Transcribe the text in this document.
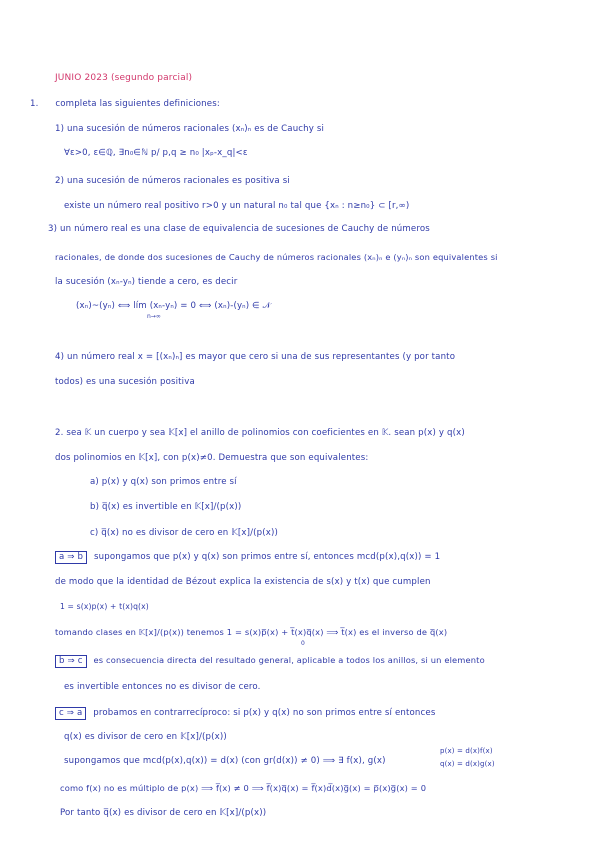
JUNIO 2023 (segundo parcial)
1. completa las siguientes definiciones:
1) una sucesión de números racionales (xₙ)ₙ es de Cauchy si
∀ε>0, ε∈ℚ, ∃n₀∈ℕ p/ p,q ≥ n₀ |xₚ-x_q|<ε
2) una sucesión de números racionales es positiva si
existe un número real positivo r>0 y un natural n₀ tal que {xₙ : n≥n₀} ⊂ [r,∞)
3) un número real es una clase de equivalencia de sucesiones de Cauchy de números
racionales, de donde dos sucesiones de Cauchy de números racionales (xₙ)ₙ e (yₙ)ₙ son equivalentes si
la sucesión (xₙ-yₙ) tiende a cero, es decir
(xₙ)~(yₙ) ⟺ lím (xₙ-yₙ) = 0 ⟺ (xₙ)-(yₙ) ∈ 𝒩
n→∞
4) un número real x = [(xₙ)ₙ] es mayor que cero si una de sus representantes (y por tanto
todos) es una sucesión positiva
2. sea 𝕂 un cuerpo y sea 𝕂[x] el anillo de polinomios con coeficientes en 𝕂. sean p(x) y q(x)
dos polinomios en 𝕂[x], con p(x)≠0. Demuestra que son equivalentes:
a) p(x) y q(x) son primos entre sí
b) q̅(x) es invertible en 𝕂[x]/(p(x))
c) q̅(x) no es divisor de cero en 𝕂[x]/(p(x))
a ⇒ b supongamos que p(x) y q(x) son primos entre sí, entonces mcd(p(x),q(x)) = 1
de modo que la identidad de Bézout explica la existencia de s(x) y t(x) que cumplen
1 = s(x)p(x) + t(x)q(x)
tomando clases en 𝕂[x]/(p(x)) tenemos 1 = s(x)p̅(x) + t̅(x)q̅(x) ⟹ t̅(x) es el inverso de q̅(x)
0
b ⇒ c es consecuencia directa del resultado general, aplicable a todos los anillos, si un elemento
es invertible entonces no es divisor de cero.
c ⇒ a probamos en contrarrecíproco: si p(x) y q(x) no son primos entre sí entonces
q(x) es divisor de cero en 𝕂[x]/(p(x))
p(x) = d(x)f(x)
q(x) = d(x)g(x)
supongamos que mcd(p(x),q(x)) = d(x) (con gr(d(x)) ≠ 0) ⟹ ∃ f(x), g(x)
como f(x) no es múltiplo de p(x) ⟹ f̅(x) ≠ 0 ⟹ f̅(x)q̅(x) = f̅(x)d̅(x)g̅(x) = p̅(x)g̅(x) = 0
Por tanto q̅(x) es divisor de cero en 𝕂[x]/(p(x))
